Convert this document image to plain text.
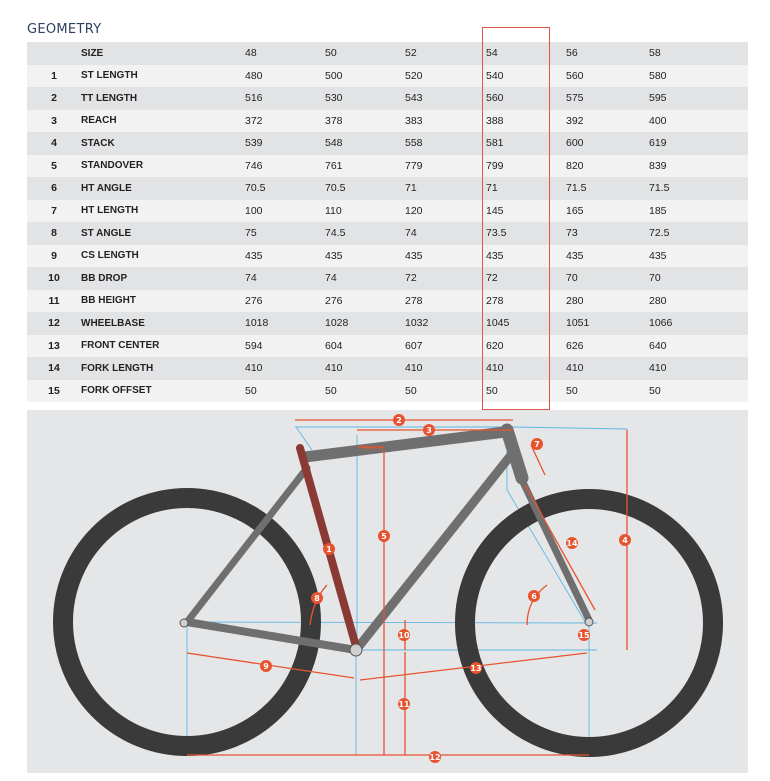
GEOMETRY
	SIZE	48	50	52	54	56	58
1	ST LENGTH	480	500	520	540	560	580
2	TT LENGTH	516	530	543	560	575	595
3	REACH	372	378	383	388	392	400
4	STACK	539	548	558	581	600	619
5	STANDOVER	746	761	779	799	820	839
6	HT ANGLE	70.5	70.5	71	71	71.5	71.5
7	HT LENGTH	100	110	120	145	165	185
8	ST ANGLE	75	74.5	74	73.5	73	72.5
9	CS LENGTH	435	435	435	435	435	435
10	BB DROP	74	74	72	72	70	70
11	BB HEIGHT	276	276	278	278	280	280
12	WHEELBASE	1018	1028	1032	1045	1051	1066
13	FRONT CENTER	594	604	607	620	626	640
14	FORK LENGTH	410	410	410	410	410	410
15	FORK OFFSET	50	50	50	50	50	50
70mm
1
2
3
4
5
6
7
8
9
10
11
12
13
14
15
